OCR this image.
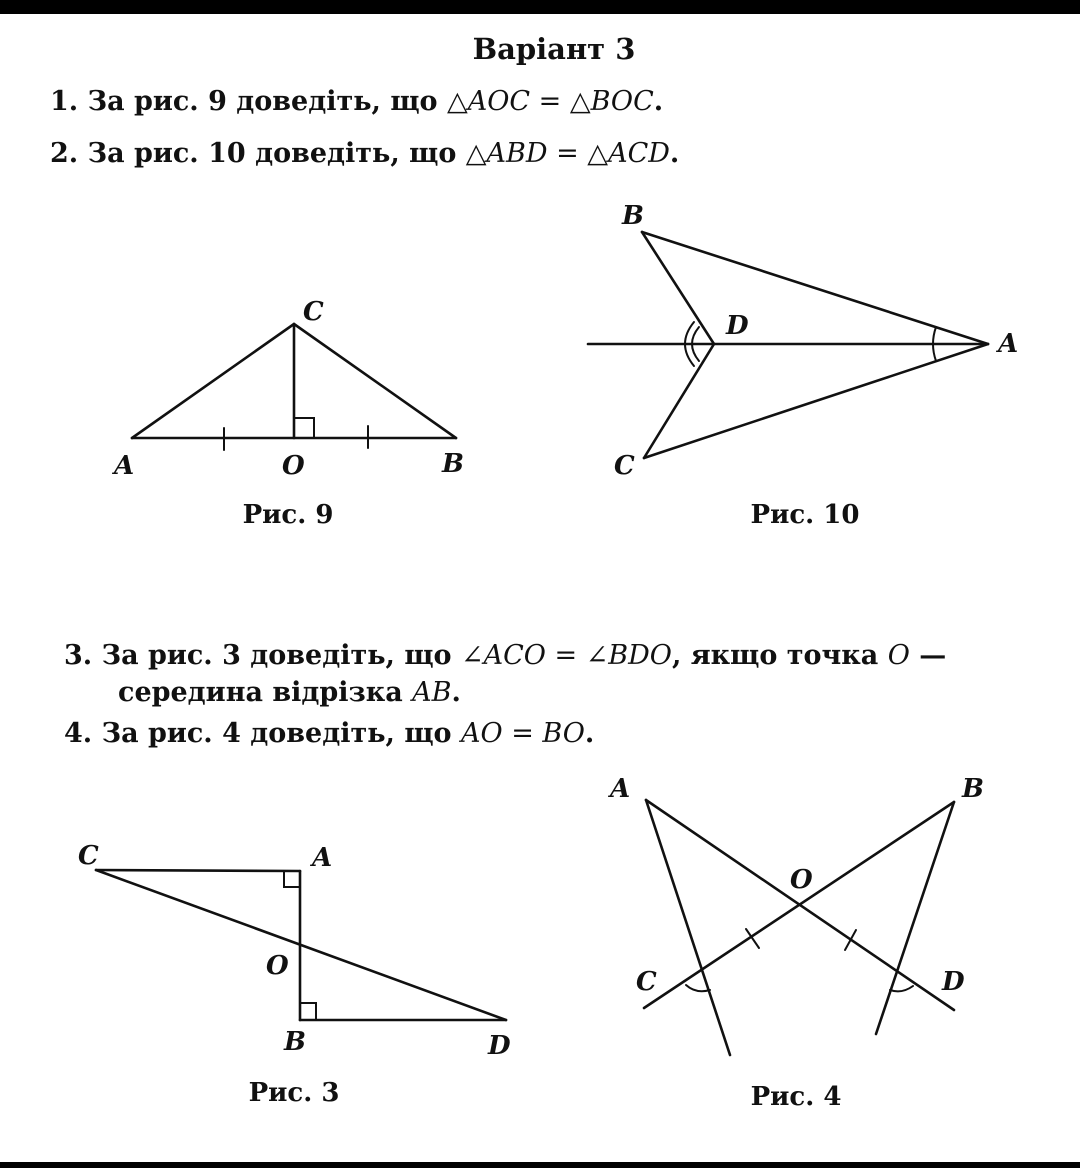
Варіант 3
1. За рис. 9 доведіть, що △AOC = △BOC.
2. За рис. 10 доведіть, що △ABD = △ACD.
3. За рис. 3 доведіть, що ∠ACO = ∠BDO, якщо точка O —
середина відрізка AB.
4. За рис. 4 доведіть, що AO = BO.
A	O	B
C
B
D
A
C
C	A
O
B	D
A	B
O
C	D
Рис. 9	Рис. 10
Рис. 3	Рис. 4
